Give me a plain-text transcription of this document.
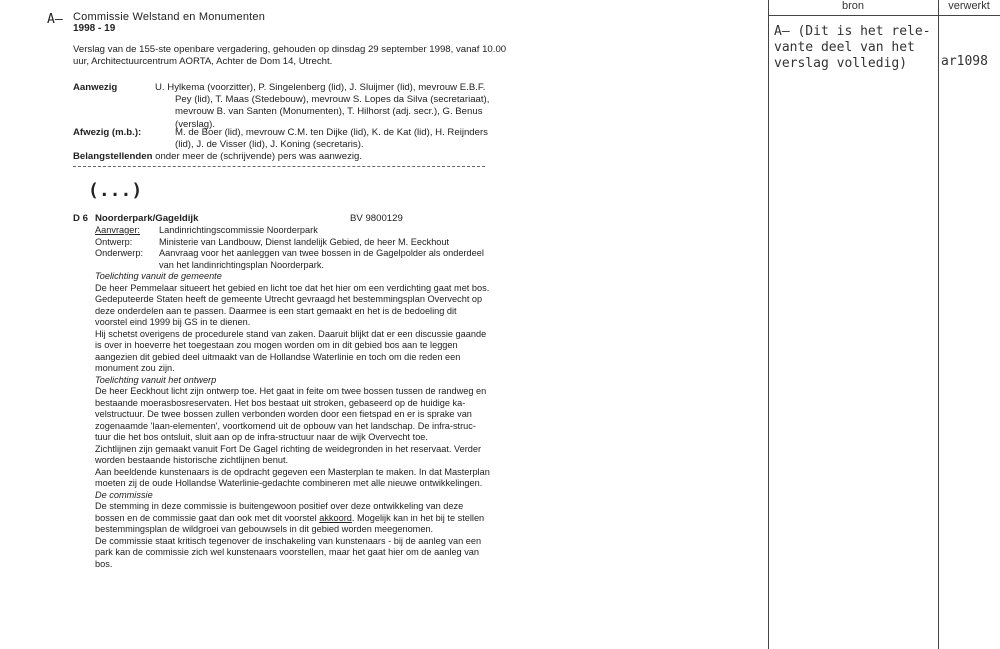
A— Commissie Welstand en Monumenten
1998 - 19
Verslag van de 155-ste openbare vergadering, gehouden op dinsdag 29 september 1998, vanaf 10.00
uur, Architectuurcentrum AORTA, Achter de Dom 14, Utrecht.
Aanwezig	U. Hylkema (voorzitter), P. Singelenberg (lid), J. Sluijmer (lid), mevrouw E.B.F.
Pey (lid), T. Maas (Stedebouw), mevrouw S. Lopes da Silva (secretariaat),
mevrouw B. van Santen (Monumenten), T. Hilhorst (adj. secr.), G. Benus
(verslag).
Afwezig (m.b.):	M. de Boer (lid), mevrouw C.M. ten Dijke (lid), K. de Kat (lid), H. Reijnders
(lid), J. de Visser (lid), J. Koning (secretaris).
Belangstellenden onder meer de (schrijvende) pers was aanwezig.
(...)
D 6 Noorderpark/Gageldijk	BV 9800129
Aanvrager:	Landinrichtingscommissie Noorderpark
Ontwerp:	Ministerie van Landbouw, Dienst landelijk Gebied, de heer M. Eeckhout
Onderwerp:	Aanvraag voor het aanleggen van twee bossen in de Gagelpolder als onderdeel
van het landinrichtingsplan Noorderpark.
Toelichting vanuit de gemeente
De heer Pemmelaar situeert het gebied en licht toe dat het hier om een verdichting gaat met bos.
Gedeputeerde Staten heeft de gemeente Utrecht gevraagd het bestemmingsplan Overvecht op
deze onderdelen aan te passen. Daarmee is een start gemaakt en het is de bedoeling dit
voorstel eind 1999 bij GS in te dienen.
Hij schetst overigens de procedurele stand van zaken. Daaruit blijkt dat er een discussie gaande
is over in hoeverre het toegestaan zou mogen worden om in dit gebied bos aan te leggen
aangezien dit gebied deel uitmaakt van de Hollandse Waterlinie en toch om die reden een
monument zou zijn.
Toelichting vanuit het ontwerp
De heer Eeckhout licht zijn ontwerp toe. Het gaat in feite om twee bossen tussen de randweg en
bestaande moerasbosreservaten. Het bos bestaat uit stroken, gebaseerd op de huidige ka-
velstructuur. De twee bossen zullen verbonden worden door een fietspad en er is sprake van
zogenaamde 'laan-elementen', voortkomend uit de opbouw van het landschap. De infra-struc-
tuur die het bos ontsluit, sluit aan op de infra-structuur naar de wijk Overvecht toe.
Zichtlijnen zijn gemaakt vanuit Fort De Gagel richting de weidegronden in het reservaat. Verder
worden bestaande historische zichtlijnen benut.
Aan beeldende kunstenaars is de opdracht gegeven een Masterplan te maken. In dat Masterplan
moeten zij de oude Hollandse Waterlinie-gedachte combineren met alle nieuwe ontwikkelingen.
De commissie
De stemming in deze commissie is buitengewoon positief over deze ontwikkeling van deze
bossen en de commissie gaat dan ook met dit voorstel akkoord. Mogelijk kan in het bij te stellen
bestemmingsplan de wildgroei van gebouwsels in dit gebied worden meegenomen.
De commissie staat kritisch tegenover de inschakeling van kunstenaars - bij de aanleg van een
park kan de commissie zich wel kunstenaars voorstellen, maar het gaat hier om de aanleg van
bos.
bron	verwerkt
A— (Dit is het rele-
vante deel van het
verslag volledig)	ar1098
